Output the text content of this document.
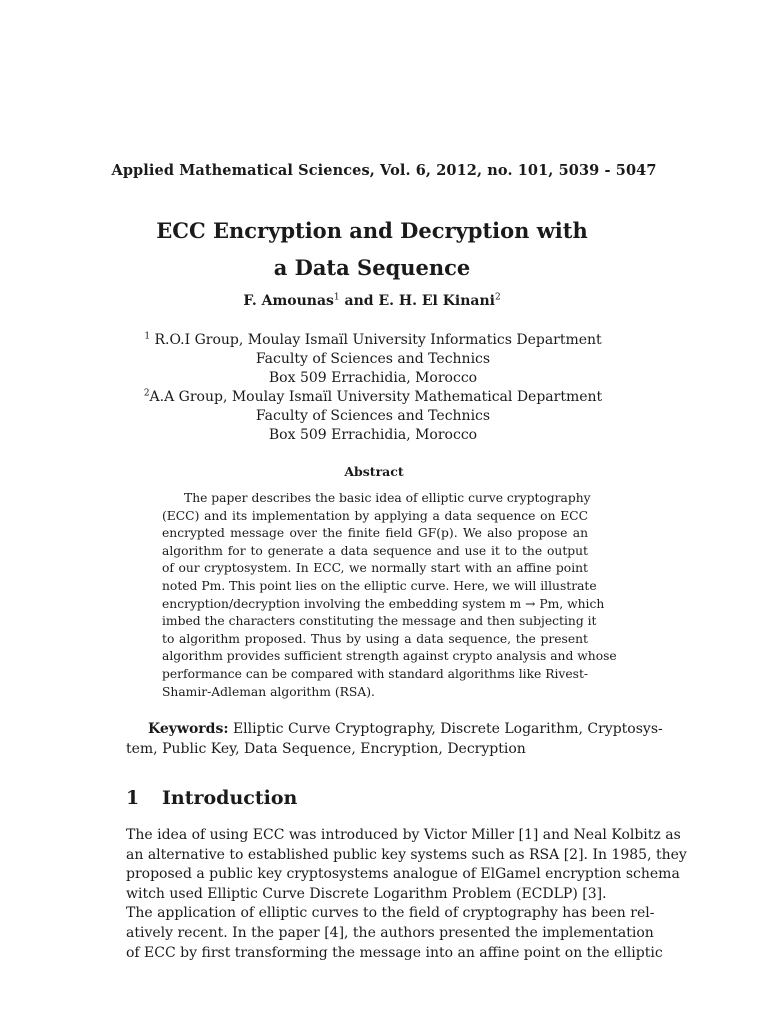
Applied Mathematical Sciences, Vol. 6, 2012, no. 101, 5039 - 5047
ECC Encryption and Decryption with
a Data Sequence
F. Amounas$^1$ and E. H. El Kinani$^2$
$^1$ R.O.I Group, Moulay Ismaïl University Informatics Department
Faculty of Sciences and Technics
Box 509 Errachidia, Morocco
$^2$A.A Group, Moulay Ismaïl University Mathematical Department
Faculty of Sciences and Technics
Box 509 Errachidia, Morocco
Abstract
The paper describes the basic idea of elliptic curve cryptography
(ECC) and its implementation by applying a data sequence on ECC
encrypted message over the finite field GF(p). We also propose an
algorithm for to generate a data sequence and use it to the output
of our cryptosystem. In ECC, we normally start with an affine point
noted Pm. This point lies on the elliptic curve. Here, we will illustrate
encryption/decryption involving the embedding system m → Pm, which
imbed the characters constituting the message and then subjecting it
to algorithm proposed. Thus by using a data sequence, the present
algorithm provides sufficient strength against crypto analysis and whose
performance can be compared with standard algorithms like Rivest-
Shamir-Adleman algorithm (RSA).
Keywords: Elliptic Curve Cryptography, Discrete Logarithm, Cryptosys-
tem, Public Key, Data Sequence, Encryption, Decryption
1 Introduction
The idea of using ECC was introduced by Victor Miller [1] and Neal Kolbitz as
an alternative to established public key systems such as RSA [2]. In 1985, they
proposed a public key cryptosystems analogue of ElGamel encryption schema
witch used Elliptic Curve Discrete Logarithm Problem (ECDLP) [3].
The application of elliptic curves to the field of cryptography has been rel-
atively recent. In the paper [4], the authors presented the implementation
of ECC by first transforming the message into an affine point on the elliptic
